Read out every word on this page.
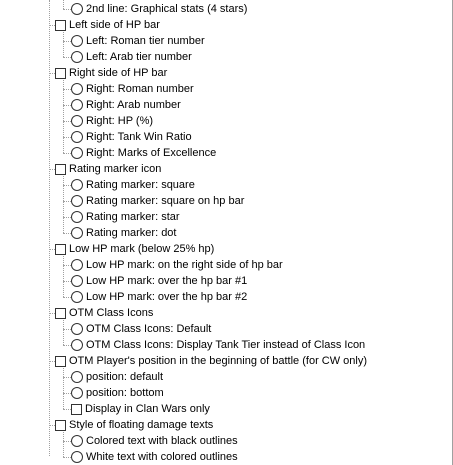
2nd line: Graphical stats (4 stars)
Left side of HP bar
Left: Roman tier number
Left: Arab tier number
Right side of HP bar
Right: Roman number
Right: Arab number
Right: HP (%)
Right: Tank Win Ratio
Right: Marks of Excellence
Rating marker icon
Rating marker: square
Rating marker: square on hp bar
Rating marker: star
Rating marker: dot
Low HP mark (below 25% hp)
Low HP mark: on the right side of hp bar
Low HP mark: over the hp bar #1
Low HP mark: over the hp bar #2
OTM Class Icons
OTM Class Icons: Default
OTM Class Icons: Display Tank Tier instead of Class Icon
OTM Player's position in the beginning of battle (for CW only)
position: default
position: bottom
Display in Clan Wars only
Style of floating damage texts
Colored text with black outlines
White text with colored outlines
